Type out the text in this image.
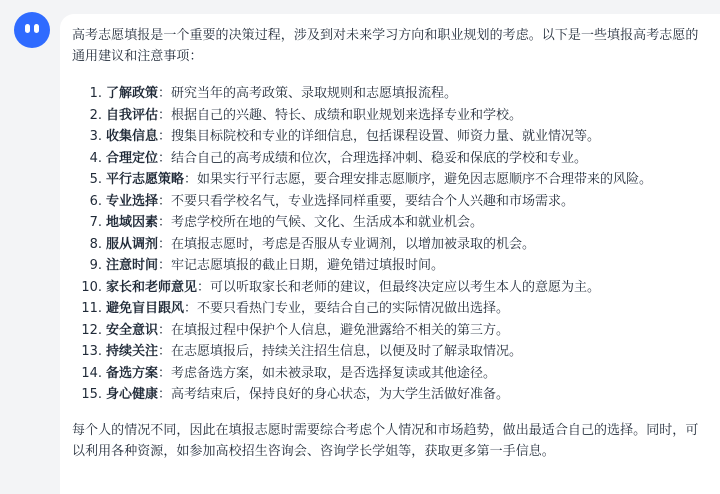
高考志愿填报是一个重要的决策过程，涉及到对未来学习方向和职业规划的考虑。以下是一些填报高考志愿的通用建议和注意事项：

1. 了解政策 ：研究当年的高考政策、录取规则和志愿填报流程。
2. 自我评估 ：根据自己的兴趣、特长、成绩和职业规划来选择专业和学校。
3. 收集信息 ：搜集目标院校和专业的详细信息，包括课程设置、师资力量、就业情况等。
4. 合理定位 ：结合自己的高考成绩和位次，合理选择冲刺、稳妥和保底的学校和专业。
5. 平行志愿策略 ：如果实行平行志愿，要合理安排志愿顺序，避免因志愿顺序不合理带来的风险。
6. 专业选择 ：不要只看学校名气，专业选择同样重要，要结合个人兴趣和市场需求。
7. 地域因素 ：考虑学校所在地的气候、文化、生活成本和就业机会。
8. 服从调剂 ：在填报志愿时，考虑是否服从专业调剂，以增加被录取的机会。
9. 注意时间 ：牢记志愿填报的截止日期，避免错过填报时间。
10. 家长和老师意见 ：可以听取家长和老师的建议，但最终决定应以考生本人的意愿为主。
11. 避免盲目跟风 ：不要只看热门专业，要结合自己的实际情况做出选择。
12. 安全意识 ：在填报过程中保护个人信息，避免泄露给不相关的第三方。
13. 持续关注 ：在志愿填报后，持续关注招生信息，以便及时了解录取情况。
14. 备选方案 ：考虑备选方案，如未被录取，是否选择复读或其他途径。
15. 身心健康 ：高考结束后，保持良好的身心状态，为大学生活做好准备。

每个人的情况不同，因此在填报志愿时需要综合考虑个人情况和市场趋势，做出最适合自己的选择。同时，可以利用各种资源，如参加高校招生咨询会、咨询学长学姐等，获取更多第一手信息。
